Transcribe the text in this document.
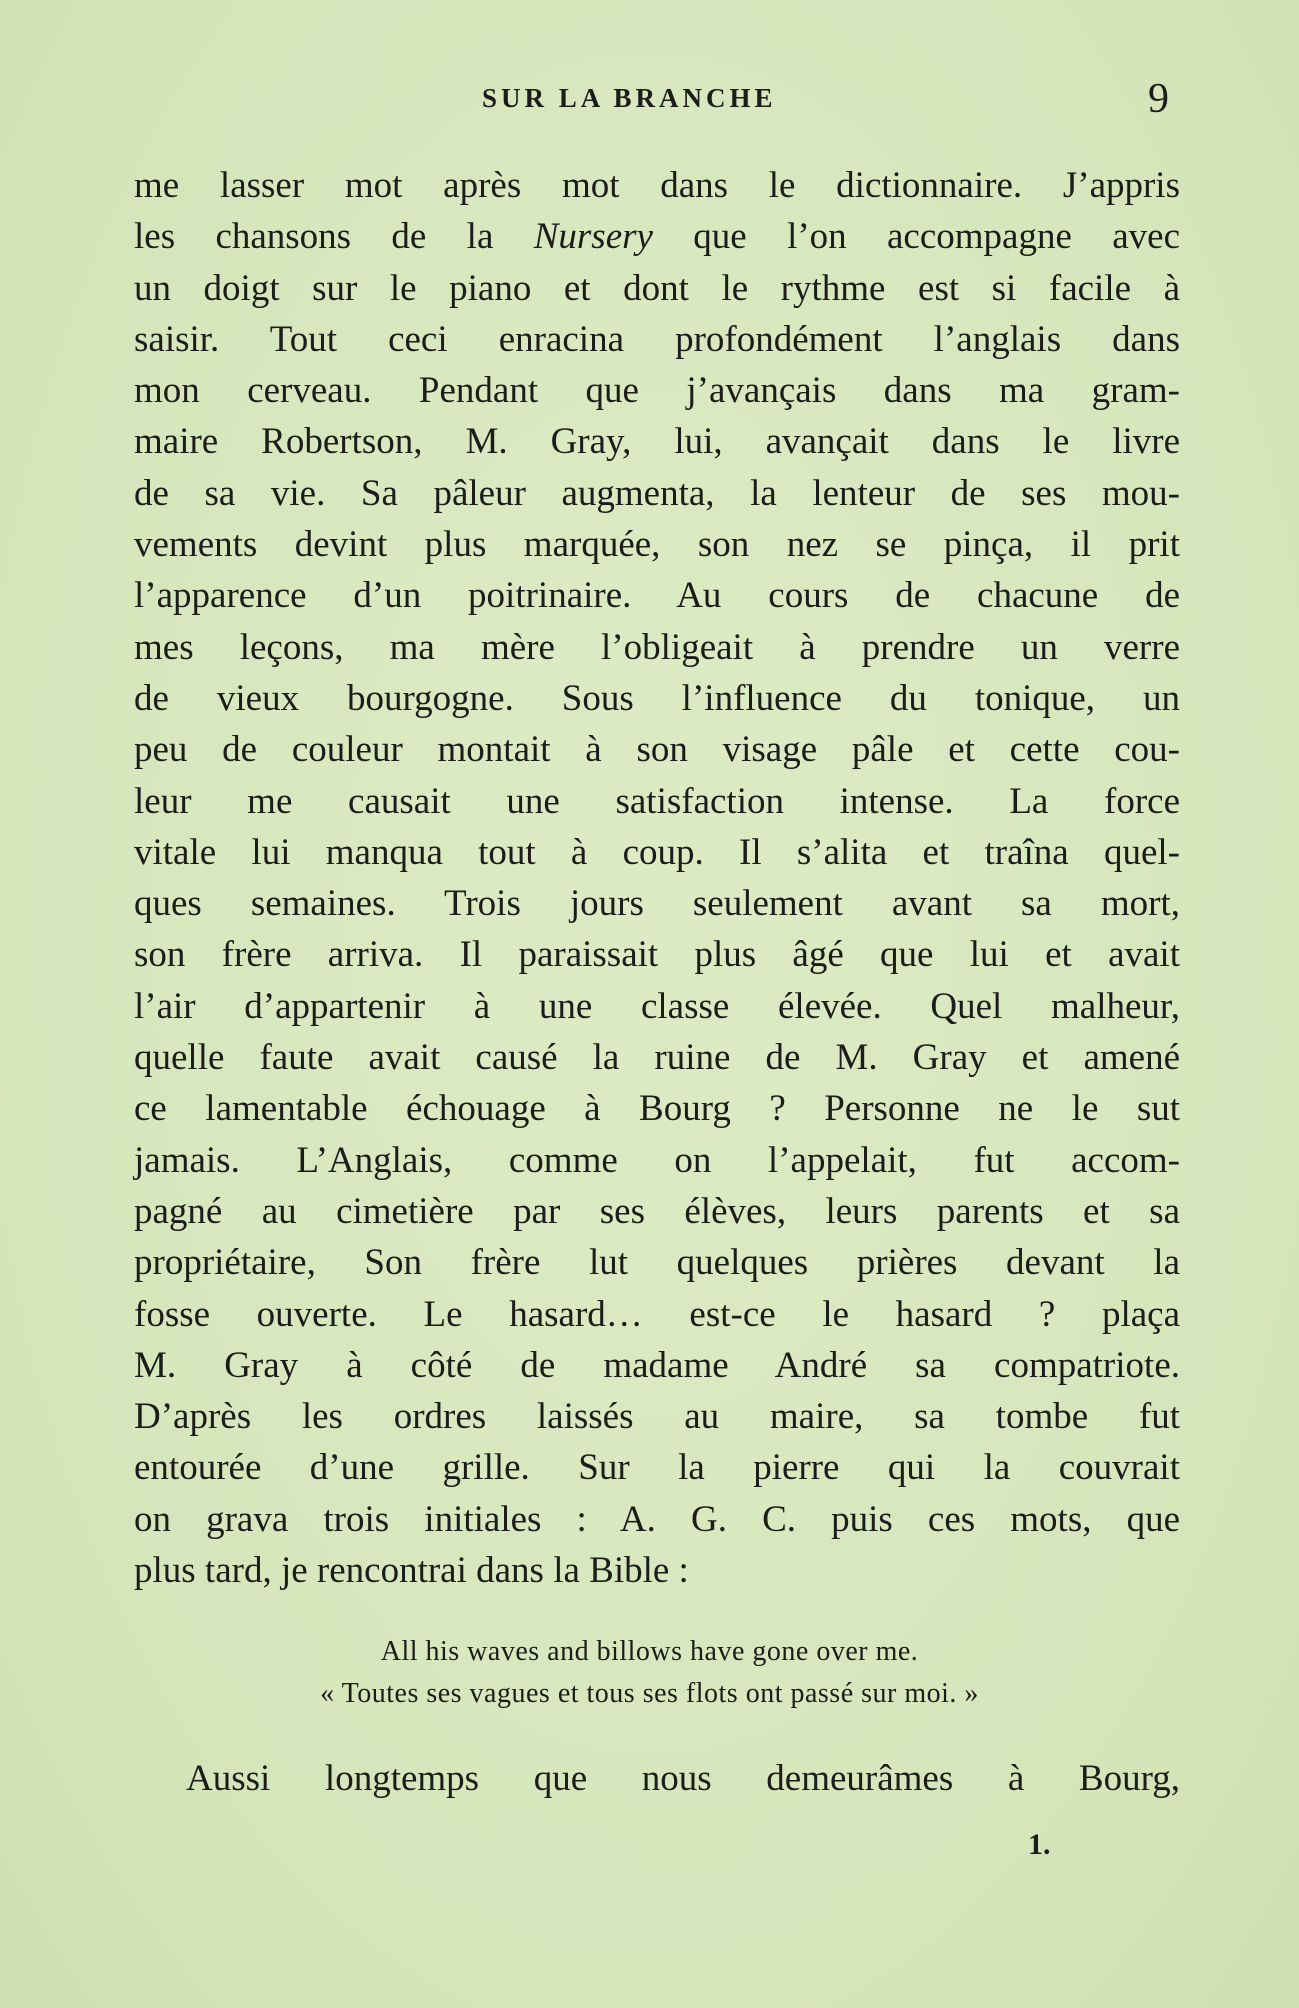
SUR LA BRANCHE	9
me lasser mot après mot dans le dictionnaire. J’appris
les chansons de la Nursery que l’on accompagne avec
un doigt sur le piano et dont le rythme est si facile à
saisir. Tout ceci enracina profondément l’anglais dans
mon cerveau. Pendant que j’avançais dans ma gram-
maire Robertson, M. Gray, lui, avançait dans le livre
de sa vie. Sa pâleur augmenta, la lenteur de ses mou-
vements devint plus marquée, son nez se pinça, il prit
l’apparence d’un poitrinaire. Au cours de chacune de
mes leçons, ma mère l’obligeait à prendre un verre
de vieux bourgogne. Sous l’influence du tonique, un
peu de couleur montait à son visage pâle et cette cou-
leur me causait une satisfaction intense. La force
vitale lui manqua tout à coup. Il s’alita et traîna quel-
ques semaines. Trois jours seulement avant sa mort,
son frère arriva. Il paraissait plus âgé que lui et avait
l’air d’appartenir à une classe élevée. Quel malheur,
quelle faute avait causé la ruine de M. Gray et amené
ce lamentable échouage à Bourg ? Personne ne le sut
jamais. L’Anglais, comme on l’appelait, fut accom-
pagné au cimetière par ses élèves, leurs parents et sa
propriétaire, Son frère lut quelques prières devant la
fosse ouverte. Le hasard… est-ce le hasard ? plaça
M. Gray à côté de madame André sa compatriote.
D’après les ordres laissés au maire, sa tombe fut
entourée d’une grille. Sur la pierre qui la couvrait
on grava trois initiales : A. G. C. puis ces mots, que
plus tard, je rencontrai dans la Bible :
All his waves and billows have gone over me.
« Toutes ses vagues et tous ses flots ont passé sur moi. »
Aussi longtemps que nous demeurâmes à Bourg,
1.
